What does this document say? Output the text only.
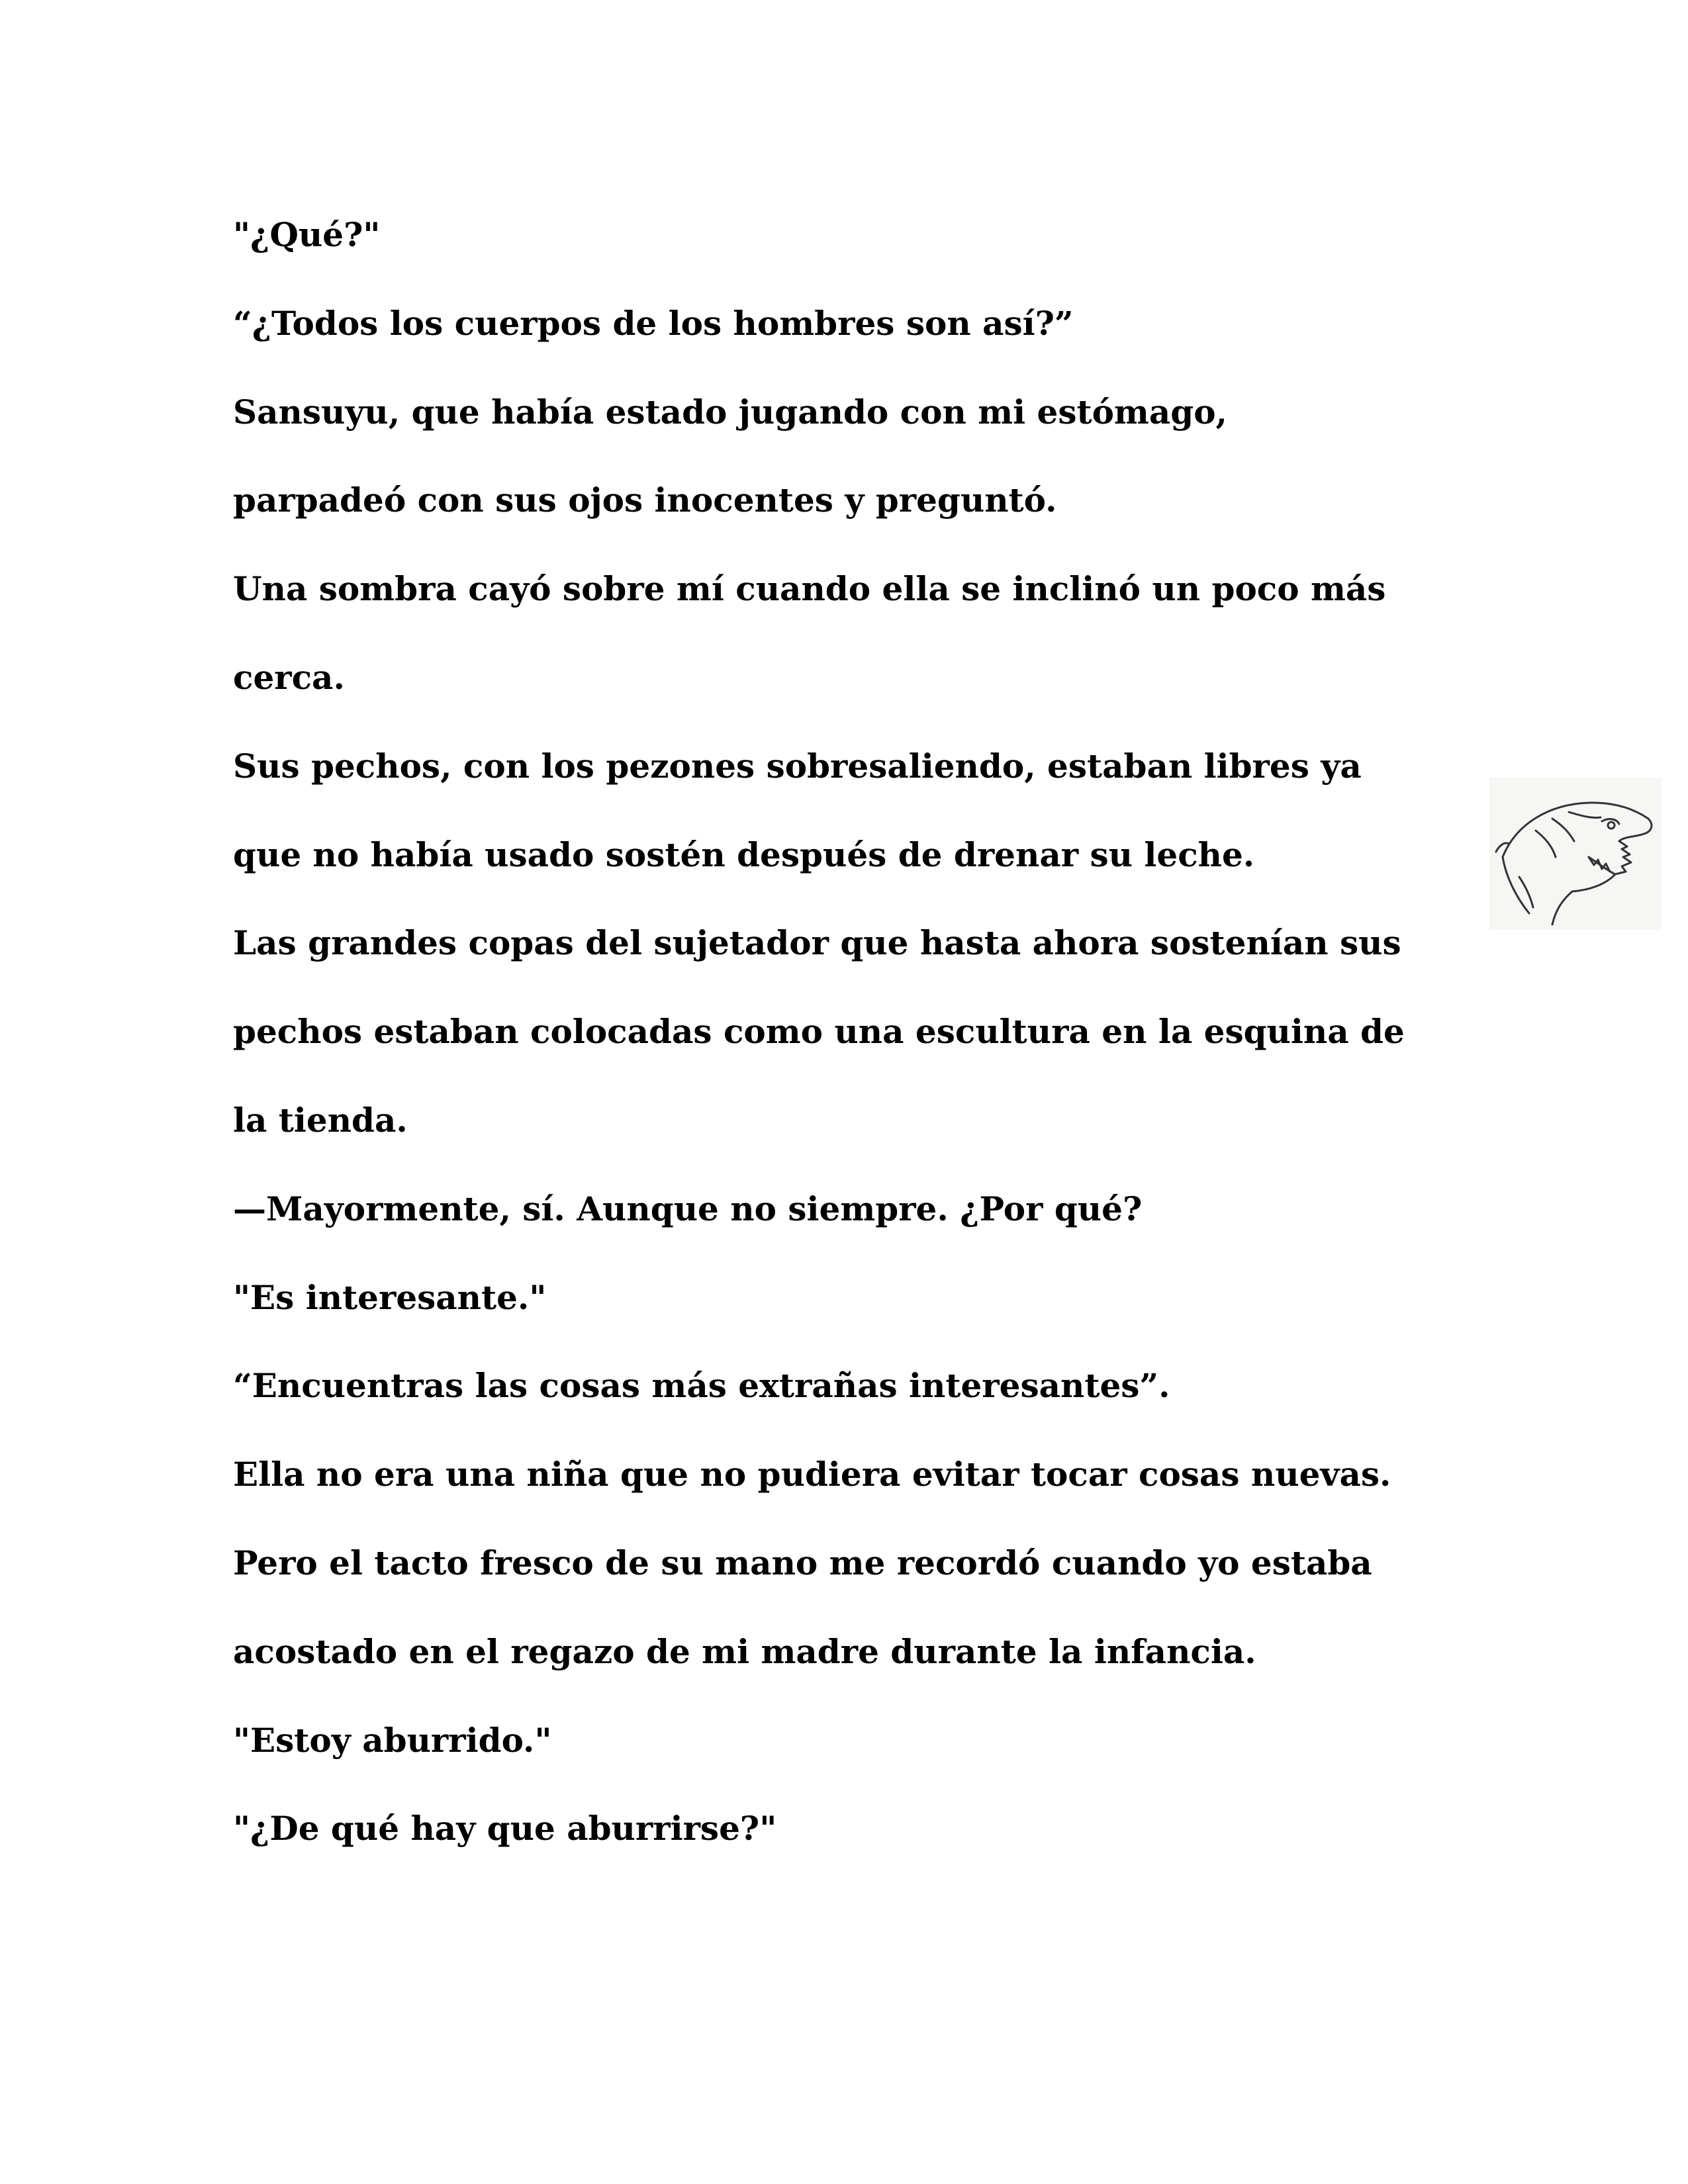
"¿Qué?"
“¿Todos los cuerpos de los hombres son así?”
Sansuyu, que había estado jugando con mi estómago,
parpadeó con sus ojos inocentes y preguntó.
Una sombra cayó sobre mí cuando ella se inclinó un poco más
cerca.
Sus pechos, con los pezones sobresaliendo, estaban libres ya
que no había usado sostén después de drenar su leche.
Las grandes copas del sujetador que hasta ahora sostenían sus
pechos estaban colocadas como una escultura en la esquina de
la tienda.
—Mayormente, sí. Aunque no siempre. ¿Por qué?
"Es interesante."
“Encuentras las cosas más extrañas interesantes”.
Ella no era una niña que no pudiera evitar tocar cosas nuevas.
Pero el tacto fresco de su mano me recordó cuando yo estaba
acostado en el regazo de mi madre durante la infancia.
"Estoy aburrido."
"¿De qué hay que aburrirse?"
